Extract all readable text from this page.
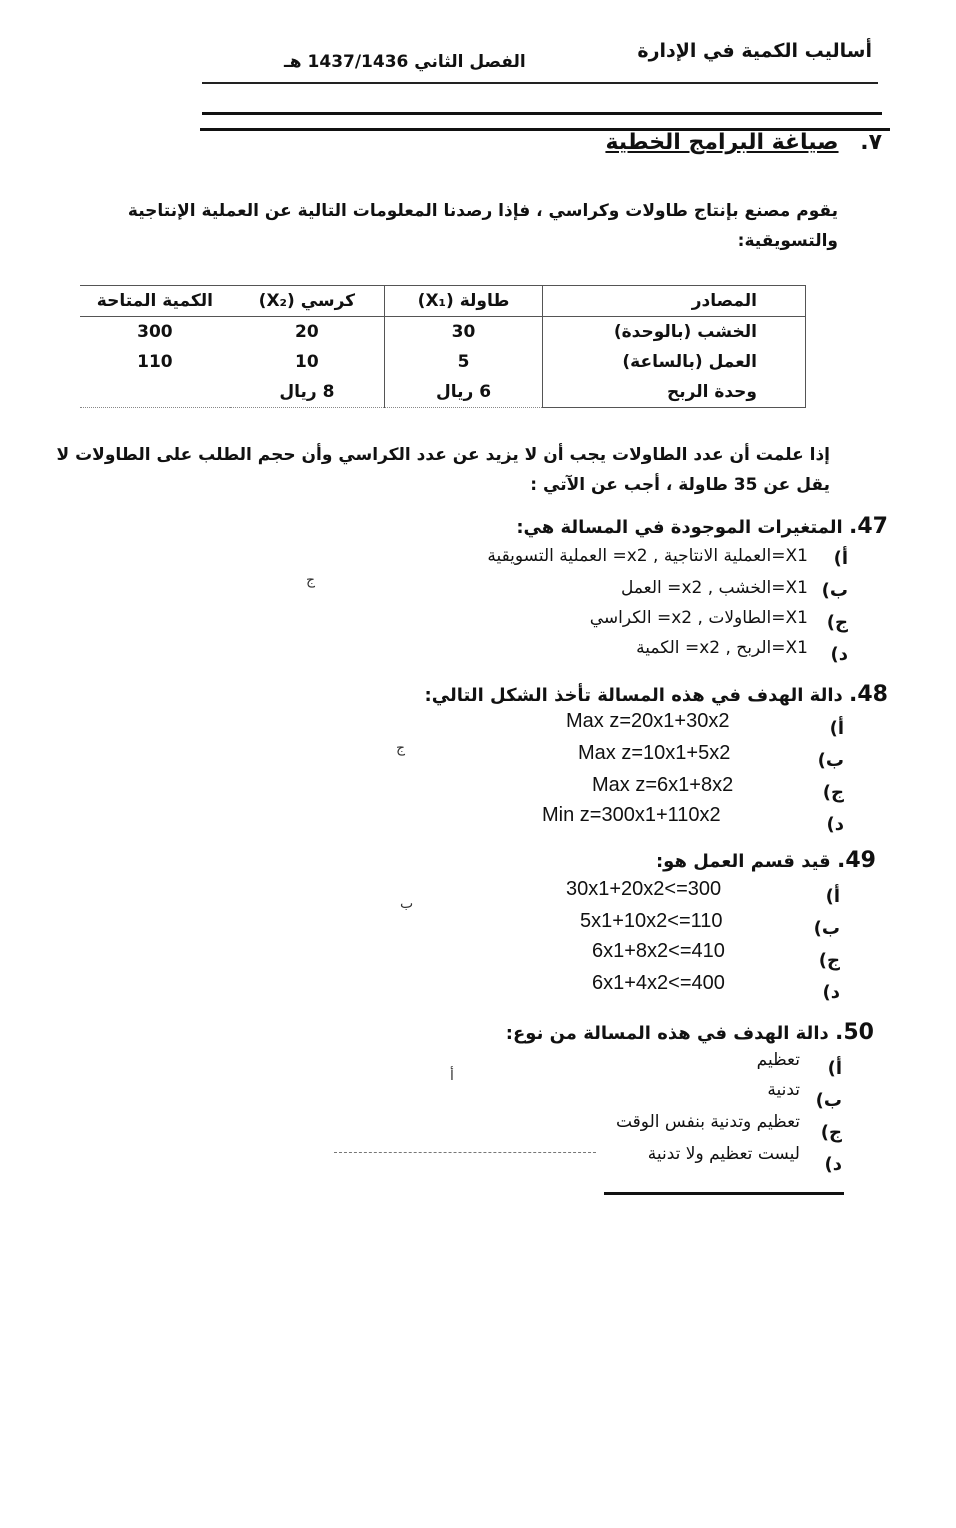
أساليب الكمية في الإدارة
الفصل الثاني 1437/1436 هـ
٧. صياغة البرامج الخطية
يقوم مصنع بإنتاج طاولات وكراسي ، فإذا رصدنا المعلومات التالية عن العملية الإنتاجية والتسويقية:
المصادر	طاولة (X₁)	كرسي (X₂)	الكمية المتاحة
الخشب (بالوحدة)	30	20	300
العمل (بالساعة)	5	10	110
وحدة الربح	6 ريال	8 ريال	
إذا علمت أن عدد الطاولات يجب أن لا يزيد عن عدد الكراسي وأن حجم الطلب على الطاولات لا يقل عن 35 طاولة ، أجب عن الآتي :
47. المتغيرات الموجودة في المسالة هي:
ج
أ)
X1=العملية الانتاجية , x2= العملية التسويقية
ب)
X1=الخشب , x2= العمل
ج)
X1=الطاولات , x2= الكراسي
د)
X1=الربح , x2= الكمية
48. دالة الهدف في هذه المسالة تأخذ الشكل التالي:
ج
أ)
Max z=20x1+30x2
ب)
Max z=10x1+5x2
ج)
Max z=6x1+8x2
د)
Min z=300x1+110x2
49. قيد قسم العمل هو:
ب	أ)
30x1+20x2<=300
ب)
5x1+10x2<=110
ج)
6x1+8x2<=410
د)
6x1+4x2<=400
50. دالة الهدف في هذه المسالة من نوع:
أ	أ)
تعظيم
ب)
تدنية
ج)
تعظيم وتدنية بنفس الوقت
د)
ليست تعظيم ولا تدنية
